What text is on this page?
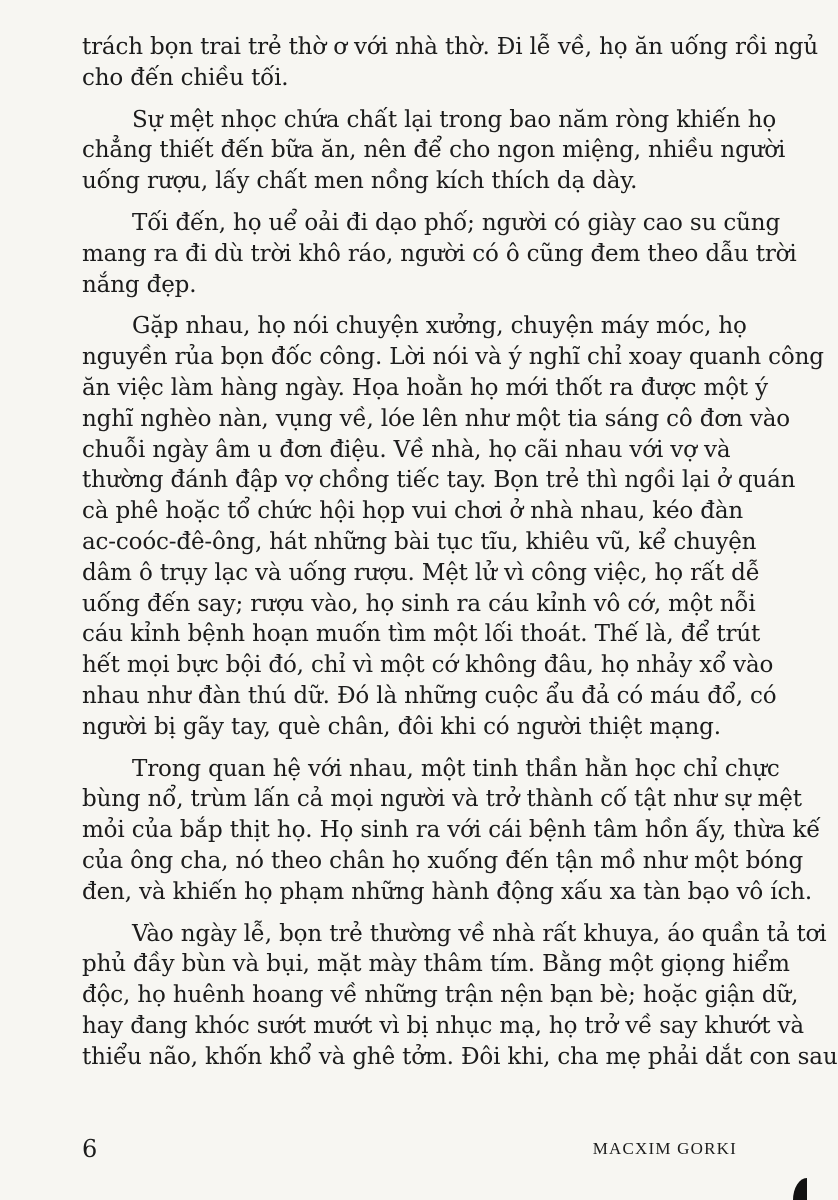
trách bọn trai trẻ thờ ơ với nhà thờ. Đi lễ về, họ ăn uống rồi ngủ
cho đến chiều tối.

Sự mệt nhọc chứa chất lại trong bao năm ròng khiến họ
chẳng thiết đến bữa ăn, nên để cho ngon miệng, nhiều người
uống rượu, lấy chất men nồng kích thích dạ dày.

Tối đến, họ uể oải đi dạo phố; người có giày cao su cũng
mang ra đi dù trời khô ráo, người có ô cũng đem theo dẫu trời
nắng đẹp.

Gặp nhau, họ nói chuyện xưởng, chuyện máy móc, họ
nguyền rủa bọn đốc công. Lời nói và ý nghĩ chỉ xoay quanh công
ăn việc làm hàng ngày. Họa hoằn họ mới thốt ra được một ý
nghĩ nghèo nàn, vụng về, lóe lên như một tia sáng cô đơn vào
chuỗi ngày âm u đơn điệu. Về nhà, họ cãi nhau với vợ và
thường đánh đập vợ chồng tiếc tay. Bọn trẻ thì ngồi lại ở quán
cà phê hoặc tổ chức hội họp vui chơi ở nhà nhau, kéo đàn
ac-coóc-đê-ông, hát những bài tục tĩu, khiêu vũ, kể chuyện
dâm ô trụy lạc và uống rượu. Mệt lử vì công việc, họ rất dễ
uống đến say; rượu vào, họ sinh ra cáu kỉnh vô cớ, một nỗi
cáu kỉnh bệnh hoạn muốn tìm một lối thoát. Thế là, để trút
hết mọi bực bội đó, chỉ vì một cớ không đâu, họ nhảy xổ vào
nhau như đàn thú dữ. Đó là những cuộc ẩu đả có máu đổ, có
người bị gãy tay, què chân, đôi khi có người thiệt mạng.

Trong quan hệ với nhau, một tinh thần hằn học chỉ chực
bùng nổ, trùm lấn cả mọi người và trở thành cố tật như sự mệt
mỏi của bắp thịt họ. Họ sinh ra với cái bệnh tâm hồn ấy, thừa kế
của ông cha, nó theo chân họ xuống đến tận mồ như một bóng
đen, và khiến họ phạm những hành động xấu xa tàn bạo vô ích.

Vào ngày lễ, bọn trẻ thường về nhà rất khuya, áo quần tả tơi
phủ đầy bùn và bụi, mặt mày thâm tím. Bằng một giọng hiểm
độc, họ huênh hoang về những trận nện bạn bè; hoặc giận dữ,
hay đang khóc sướt mướt vì bị nhục mạ, họ trở về say khướt và
thiểu não, khốn khổ và ghê tởm. Đôi khi, cha mẹ phải dắt con sau

6	MACXIM GORKI
